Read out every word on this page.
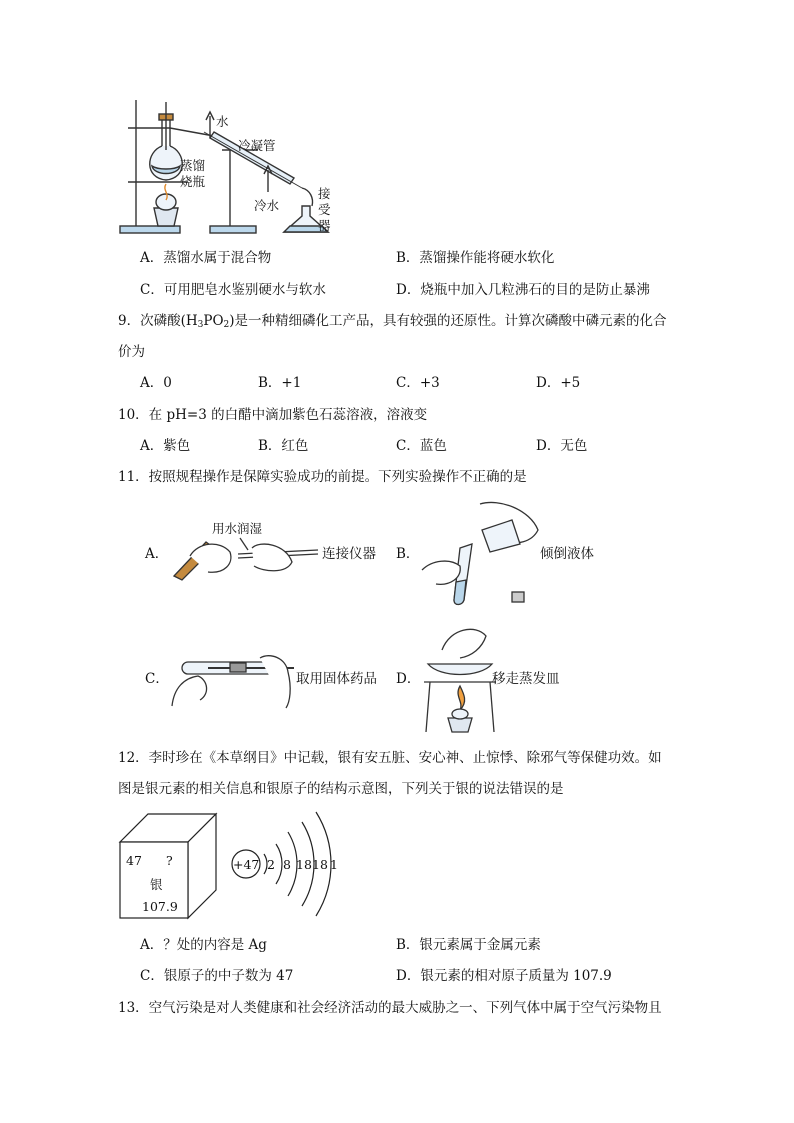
水
冷凝管
蒸馏
烧瓶
冷水
接
受
器
A．蒸馏水属于混合物	B．蒸馏操作能将硬水软化
C．可用肥皂水鉴别硬水与软水	D．烧瓶中加入几粒沸石的目的是防止暴沸
9．次磷酸$(H_3PO_2)$是一种精细磷化工产品，具有较强的还原性。计算次磷酸中磷元素的化合
价为
A．0	B．+1	C．+3	D．+5
10．在 pH=3 的白醋中滴加紫色石蕊溶液，溶液变
A．紫色	B．红色	C．蓝色	D．无色
11．按照规程操作是保障实验成功的前提。下列实验操作不正确的是
A．
用水润湿
连接仪器 B．	倾倒液体
C．	取用固体药品 D．	移走蒸发皿
12．李时珍在《本草纲目》中记载，银有安五脏、安心神、止惊悸、除邪气等保健功效。如
图是银元素的相关信息和银原子的结构示意图，下列关于银的说法错误的是
47 ?
银
107.9
+47 2 8 18 18 1
A．？处的内容是 Ag	B．银元素属于金属元素
C．银原子的中子数为 47	D．银元素的相对原子质量为 107.9
13．空气污染是对人类健康和社会经济活动的最大威胁之一、下列气体中属于空气污染物且
